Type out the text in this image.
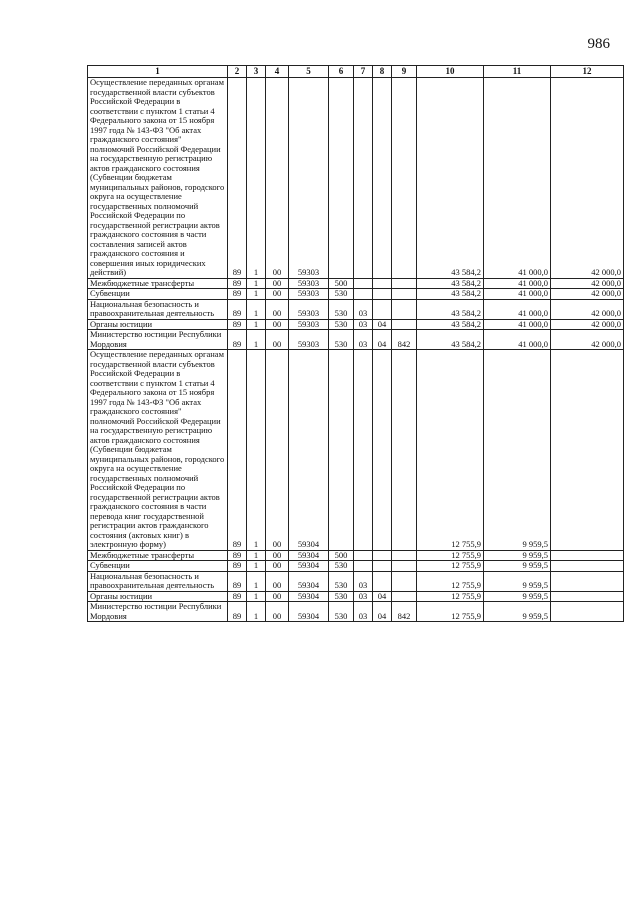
986
1	2	3	4	5	6	7	8	9	10	11	12
Осуществление переданных органам государственной власти субъектов Российской Федерации в соответствии с пунктом 1 статьи 4 Федерального закона от 15 ноября 1997 года № 143-ФЗ "Об актах гражданского состояния" полномочий Российской Федерации на государственную регистрацию актов гражданского состояния (Субвенции бюджетам муниципальных районов, городского округа на осуществление государственных полномочий Российской Федерации по государственной регистрации актов гражданского состояния в части составления записей актов гражданского состояния и совершения иных юридических действий)	89	1	00	59303					43 584,2	41 000,0	42 000,0
Межбюджетные трансферты	89	1	00	59303	500				43 584,2	41 000,0	42 000,0
Субвенции	89	1	00	59303	530				43 584,2	41 000,0	42 000,0
Национальная безопасность и правоохранительная деятельность	89	1	00	59303	530	03			43 584,2	41 000,0	42 000,0
Органы юстиции	89	1	00	59303	530	03	04		43 584,2	41 000,0	42 000,0
Министерство юстиции Республики Мордовия	89	1	00	59303	530	03	04	842	43 584,2	41 000,0	42 000,0
Осуществление переданных органам государственной власти субъектов Российской Федерации в соответствии с пунктом 1 статьи 4 Федерального закона от 15 ноября 1997 года № 143-ФЗ "Об актах гражданского состояния" полномочий Российской Федерации на государственную регистрацию актов гражданского состояния (Субвенции бюджетам муниципальных районов, городского округа на осуществление государственных полномочий Российской Федерации по государственной регистрации актов гражданского состояния в части перевода книг государственной регистрации актов гражданского состояния (актовых книг) в электронную форму)	89	1	00	59304					12 755,9	9 959,5	
Межбюджетные трансферты	89	1	00	59304	500				12 755,9	9 959,5	
Субвенции	89	1	00	59304	530				12 755,9	9 959,5	
Национальная безопасность и правоохранительная деятельность	89	1	00	59304	530	03			12 755,9	9 959,5	
Органы юстиции	89	1	00	59304	530	03	04		12 755,9	9 959,5	
Министерство юстиции Республики Мордовия	89	1	00	59304	530	03	04	842	12 755,9	9 959,5	
